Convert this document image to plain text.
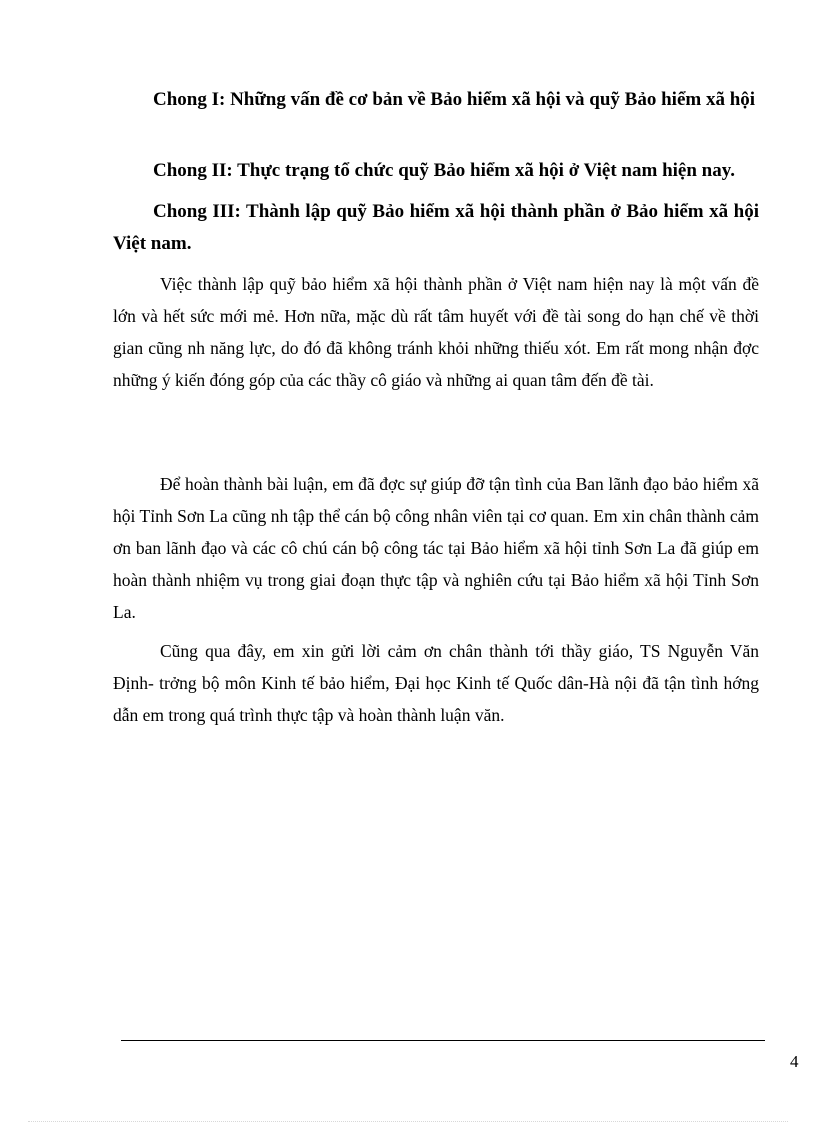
Chong I: Những vấn đề cơ bản về Bảo hiểm xã hội và quỹ Bảo hiểm xã hội

Chong II: Thực trạng tổ chức quỹ Bảo hiểm xã hội ở Việt nam hiện nay.

Chong III: Thành lập quỹ Bảo hiểm xã hội thành phần ở Bảo hiểm xã hội Việt nam.

Việc thành lập quỹ bảo hiểm xã hội thành phần ở Việt nam hiện nay là một vấn đề lớn và hết sức mới mẻ. Hơn nữa, mặc dù rất tâm huyết với đề tài song do hạn chế về thời gian cũng nh năng lực, do đó đã không tránh khỏi những thiếu xót. Em rất mong nhận đợc những ý kiến đóng góp của các thầy cô giáo và những ai quan tâm đến đề tài.

Để hoàn thành bài luận, em đã đợc sự giúp đỡ tận tình của Ban lãnh đạo bảo hiểm xã hội Tỉnh Sơn La cũng nh tập thể cán bộ công nhân viên tại cơ quan. Em xin chân thành cảm ơn ban lãnh đạo và các cô chú cán bộ công tác tại Bảo hiểm xã hội tỉnh Sơn La đã giúp em hoàn thành nhiệm vụ trong giai đoạn thực tập và nghiên cứu tại Bảo hiểm xã hội Tỉnh Sơn La.

Cũng qua đây, em xin gửi lời cảm ơn chân thành tới thầy giáo, TS Nguyễn Văn Định- trởng bộ môn Kinh tế bảo hiểm, Đại học Kinh tế Quốc dân-Hà nội đã tận tình hớng dẫn em trong quá trình thực tập và hoàn thành luận văn.

4
